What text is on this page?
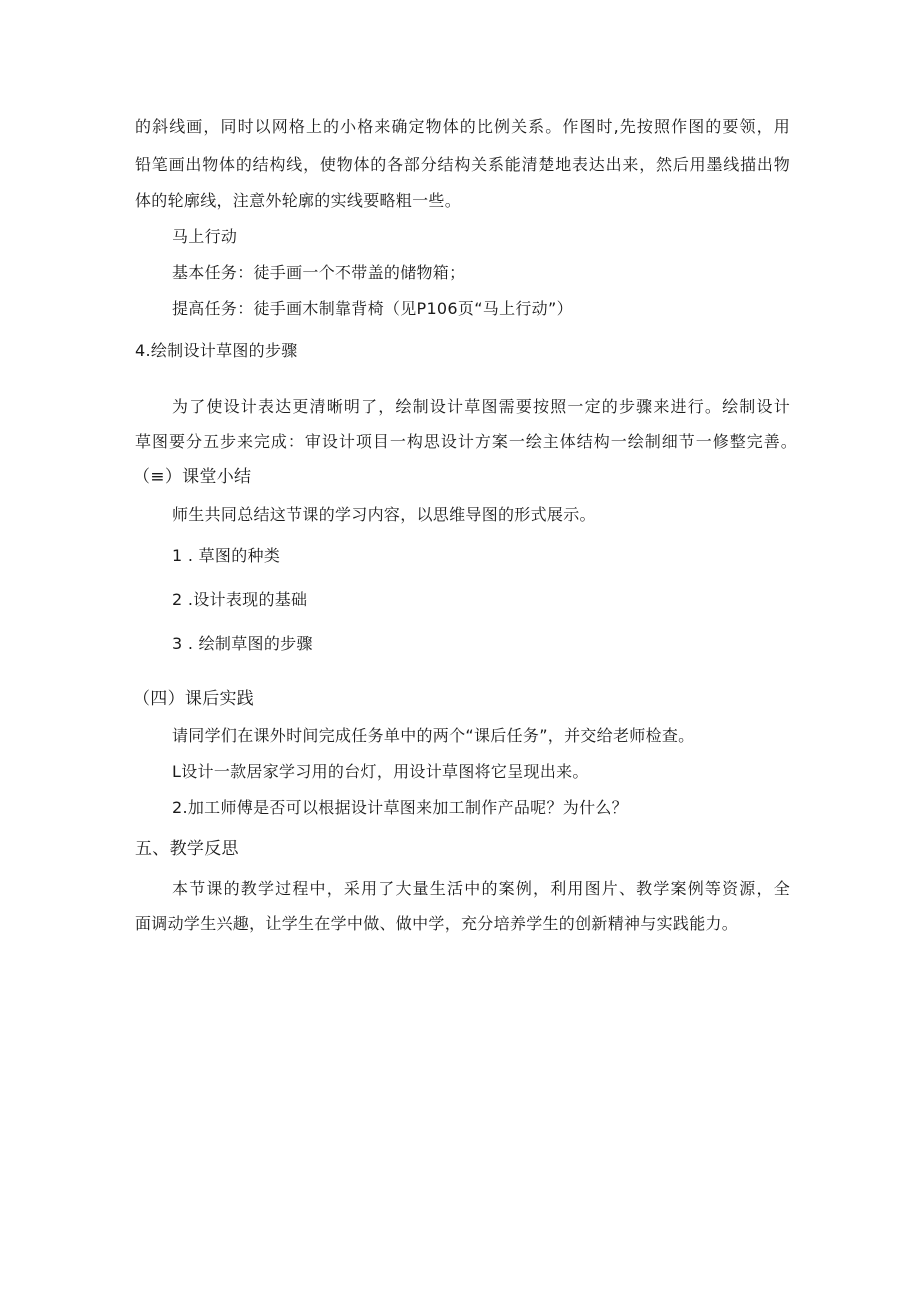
的斜线画，同时以网格上的小格来确定物体的比例关系。作图时,先按照作图的要领，用
铅笔画出物体的结构线，使物体的各部分结构关系能清楚地表达出来，然后用墨线描出物
体的轮廓线，注意外轮廓的实线要略粗一些。
马上行动
基本任务：徒手画一个不带盖的储物箱；
提高任务：徒手画木制靠背椅（见P106页“马上行动”）
4.绘制设计草图的步骤
为了使设计表达更清晰明了，绘制设计草图需要按照一定的步骤来进行。绘制设计
草图要分五步来完成：审设计项目一构思设计方案一绘主体结构一绘制细节一修整完善。
（≡）课堂小结
师生共同总结这节课的学习内容，以思维导图的形式展示。
1 . 草图的种类
2 .设计表现的基础
3 . 绘制草图的步骤
（四）课后实践
请同学们在课外时间完成任务单中的两个“课后任务”，并交给老师检查。
L设计一款居家学习用的台灯，用设计草图将它呈现出来。
2.加工师傅是否可以根据设计草图来加工制作产品呢？为什么？
五、教学反思
本节课的教学过程中，采用了大量生活中的案例，利用图片、教学案例等资源，全
面调动学生兴趣，让学生在学中做、做中学，充分培养学生的创新精神与实践能力。
